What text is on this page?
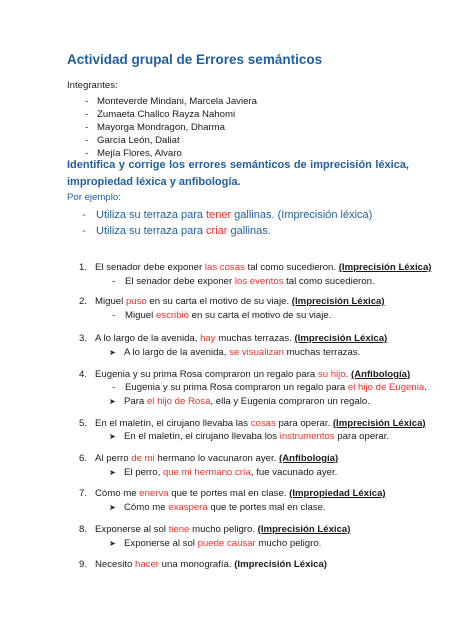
Actividad grupal de Errores semánticos
Integrantes:
- Monteverde Mindani, Marcela Javiera
- Zumaeta Challco Rayza Nahomi
- Mayorga Mondragon, Dharma
- García León, Daliat
- Mejía Flores, Alvaro
Identifica y corrige los errores semánticos de imprecisión léxica, impropiedad léxica y anfibología.
Por ejemplo:
- Utiliza su terraza para tener gallinas. (Imprecisión léxica)
- Utiliza su terraza para criar gallinas.
1. El senador debe exponer las cosas tal como sucedieron. (Imprecisión Léxica)
- El senador debe exponer los eventos tal como sucedieron.
2. Miguel puso en su carta el motivo de su viaje. (Imprecisión Léxica)
- Miguel escribió en su carta el motivo de su viaje.
3. A lo largo de la avenida, hay muchas terrazas. (Imprecisión Léxica)
➤ A lo largo de la avenida, se visualizan muchas terrazas.
4. Eugenia y su prima Rosa compraron un regalo para su hijo. (Anfibología)
- Eugenia y su prima Rosa compraron un regalo para el hijo de Eugenia.
➤ Para el hijo de Rosa, ella y Eugenia compraron un regalo.
5. En el maletín, el cirujano llevaba las cosas para operar. (Imprecisión Léxica)
➤ En el maletín, el cirujano llevaba los instrumentos para operar.
6. Al perro de mi hermano lo vacunaron ayer. (Anfibología)
➤ El perro, que mi hermano cría, fue vacunado ayer.
7. Cómo me enerva que te portes mal en clase. (Impropiedad Léxica)
➤ Cómo me exaspera que te portes mal en clase.
8. Exponerse al sol tiene mucho peligro. (Imprecisión Léxica)
➤ Exponerse al sol puede causar mucho peligro.
9. Necesito hacer una monografía. (Imprecisión Léxica)
